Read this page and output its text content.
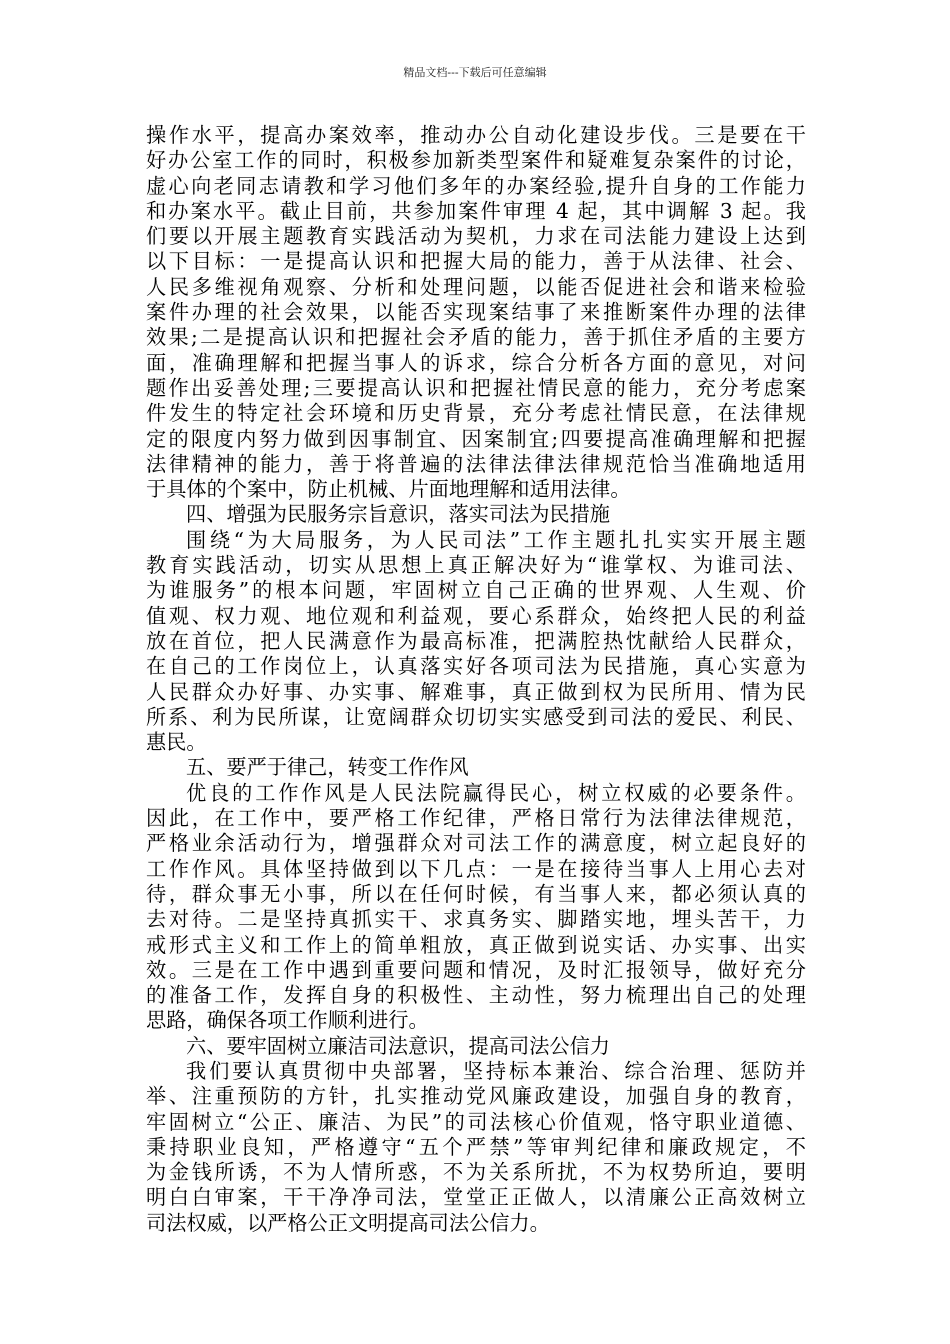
精品文档---下载后可任意编辑
操作水平，提高办案效率，推动办公自动化建设步伐。三是要在干
好办公室工作的同时，积极参加新类型案件和疑难复杂案件的讨论，
虚心向老同志请教和学习他们多年的办案经验,提升自身的工作能力
和办案水平。截止目前，共参加案件审理 4 起，其中调解 3 起。我
们要以开展主题教育实践活动为契机，力求在司法能力建设上达到
以下目标：一是提高认识和把握大局的能力，善于从法律、社会、
人民多维视角观察、分析和处理问题，以能否促进社会和谐来检验
案件办理的社会效果，以能否实现案结事了来推断案件办理的法律
效果;二是提高认识和把握社会矛盾的能力，善于抓住矛盾的主要方
面，准确理解和把握当事人的诉求，综合分析各方面的意见，对问
题作出妥善处理;三要提高认识和把握社情民意的能力，充分考虑案
件发生的特定社会环境和历史背景，充分考虑社情民意，在法律规
定的限度内努力做到因事制宜、因案制宜;四要提高准确理解和把握
法律精神的能力，善于将普遍的法律法律法律规范恰当准确地适用
于具体的个案中，防止机械、片面地理解和适用法律。
四、增强为民服务宗旨意识，落实司法为民措施
围绕“为大局服务，为人民司法”工作主题扎扎实实开展主题
教育实践活动，切实从思想上真正解决好为“谁掌权、为谁司法、
为谁服务”的根本问题，牢固树立自己正确的世界观、人生观、价
值观、权力观、地位观和利益观，要心系群众，始终把人民的利益
放在首位，把人民满意作为最高标准，把满腔热忱献给人民群众，
在自己的工作岗位上，认真落实好各项司法为民措施，真心实意为
人民群众办好事、办实事、解难事，真正做到权为民所用、情为民
所系、利为民所谋，让宽阔群众切切实实感受到司法的爱民、利民、
惠民。
五、要严于律己，转变工作作风
优良的工作作风是人民法院赢得民心，树立权威的必要条件。
因此，在工作中，要严格工作纪律，严格日常行为法律法律规范，
严格业余活动行为，增强群众对司法工作的满意度，树立起良好的
工作作风。具体坚持做到以下几点：一是在接待当事人上用心去对
待，群众事无小事，所以在任何时候，有当事人来，都必须认真的
去对待。二是坚持真抓实干、求真务实、脚踏实地，埋头苦干，力
戒形式主义和工作上的简单粗放，真正做到说实话、办实事、出实
效。三是在工作中遇到重要问题和情况，及时汇报领导，做好充分
的准备工作，发挥自身的积极性、主动性，努力梳理出自己的处理
思路，确保各项工作顺利进行。
六、要牢固树立廉洁司法意识，提高司法公信力
我们要认真贯彻中央部署，坚持标本兼治、综合治理、惩防并
举、注重预防的方针，扎实推动党风廉政建设，加强自身的教育，
牢固树立“公正、廉洁、为民”的司法核心价值观，恪守职业道德、
秉持职业良知，严格遵守“五个严禁”等审判纪律和廉政规定，不
为金钱所诱，不为人情所惑，不为关系所扰，不为权势所迫，要明
明白白审案，干干净净司法，堂堂正正做人，以清廉公正高效树立
司法权威，以严格公正文明提高司法公信力。
